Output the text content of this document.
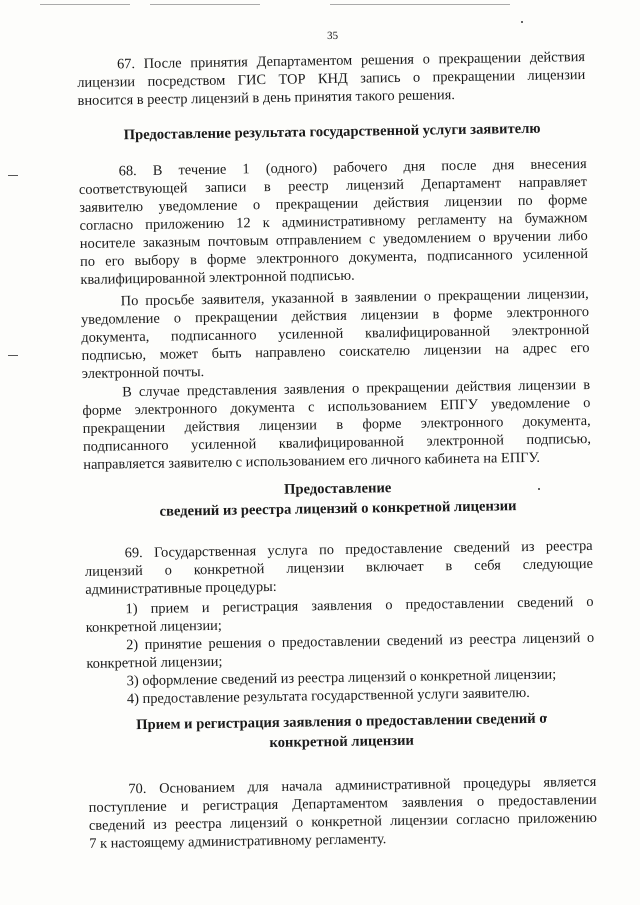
35
67. После принятия Департаментом решения о прекращении действия
лицензии посредством ГИС ТОР КНД запись о прекращении лицензии
вносится в реестр лицензий в день принятия такого решения.
Предоставление результата государственной услуги заявителю
68. В течение 1 (одного) рабочего дня после дня внесения
соответствующей записи в реестр лицензий Департамент направляет
заявителю уведомление о прекращении действия лицензии по форме
согласно приложению 12 к административному регламенту на бумажном
носителе заказным почтовым отправлением с уведомлением о вручении либо
по его выбору в форме электронного документа, подписанного усиленной
квалифицированной электронной подписью.
По просьбе заявителя, указанной в заявлении о прекращении лицензии,
уведомление о прекращении действия лицензии в форме электронного
документа, подписанного усиленной квалифицированной электронной
подписью, может быть направлено соискателю лицензии на адрес его
электронной почты.
В случае представления заявления о прекращении действия лицензии в
форме электронного документа с использованием ЕПГУ уведомление о
прекращении действия лицензии в форме электронного документа,
подписанного усиленной квалифицированной электронной подписью,
направляется заявителю с использованием его личного кабинета на ЕПГУ.
Предоставление
сведений из реестра лицензий о конкретной лицензии
69. Государственная услуга по предоставление сведений из реестра
лицензий о конкретной лицензии включает в себя следующие
административные процедуры:
1) прием и регистрация заявления о предоставлении сведений о
конкретной лицензии;
2) принятие решения о предоставлении сведений из реестра лицензий о
конкретной лицензии;
3) оформление сведений из реестра лицензий о конкретной лицензии;
4) предоставление результата государственной услуги заявителю.
Прием и регистрация заявления о предоставлении сведений о
конкретной лицензии
70. Основанием для начала административной процедуры является
поступление и регистрация Департаментом заявления о предоставлении
сведений из реестра лицензий о конкретной лицензии согласно приложению
7 к настоящему административному регламенту.
